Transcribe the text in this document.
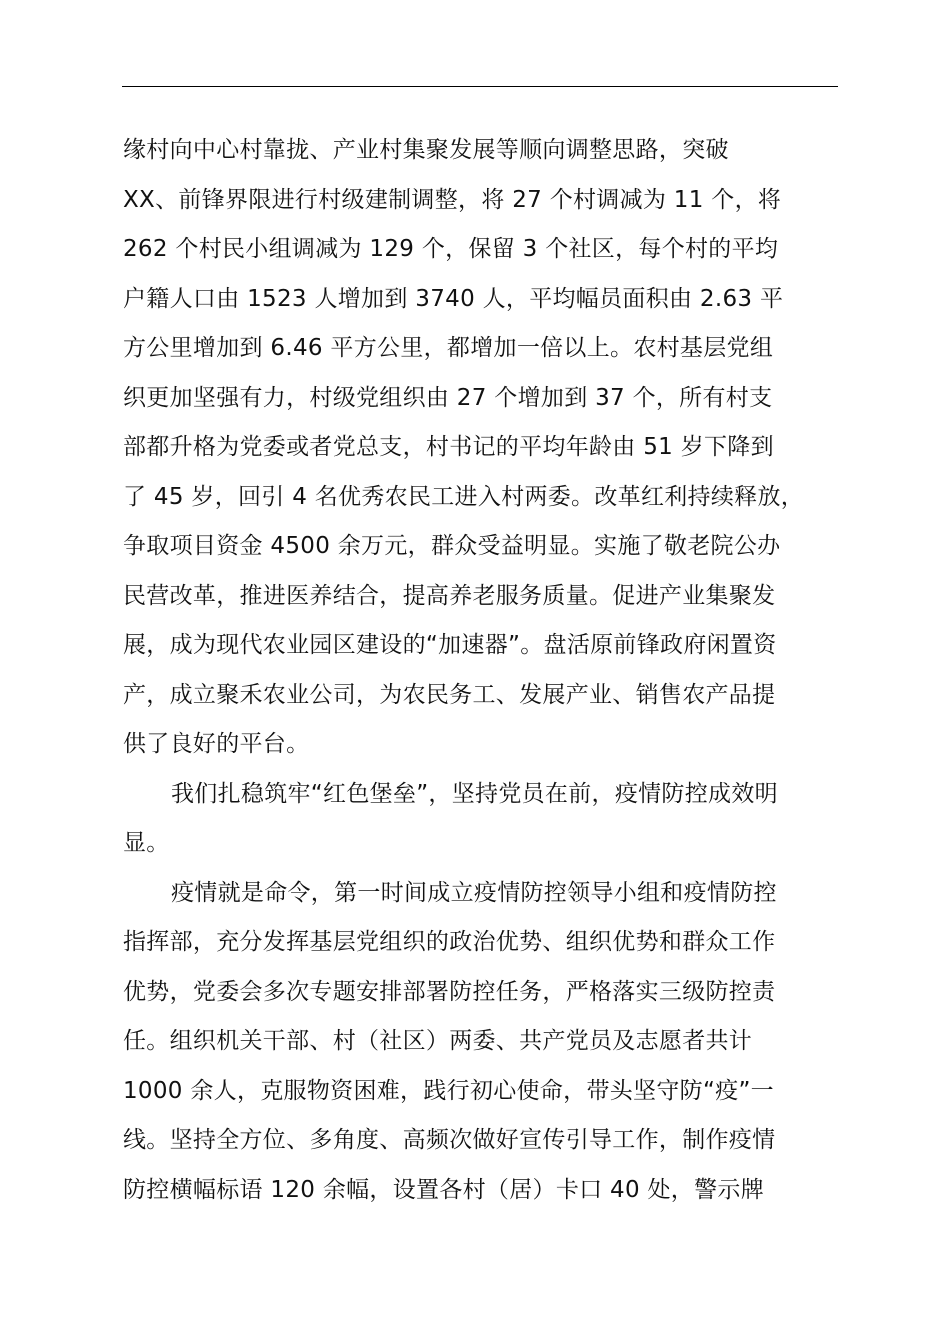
缘村向中心村靠拢、产业村集聚发展等顺向调整思路，突破
XX、前锋界限进行村级建制调整，将 27 个村调减为 11 个，将
262 个村民小组调减为 129 个，保留 3 个社区，每个村的平均
户籍人口由 1523 人增加到 3740 人，平均幅员面积由 2.63 平
方公里增加到 6.46 平方公里，都增加一倍以上。农村基层党组
织更加坚强有力，村级党组织由 27 个增加到 37 个，所有村支
部都升格为党委或者党总支，村书记的平均年龄由 51 岁下降到
了 45 岁，回引 4 名优秀农民工进入村两委。改革红利持续释放，
争取项目资金 4500 余万元，群众受益明显。实施了敬老院公办
民营改革，推进医养结合，提高养老服务质量。促进产业集聚发
展，成为现代农业园区建设的“加速器”。盘活原前锋政府闲置资
产，成立聚禾农业公司，为农民务工、发展产业、销售农产品提
供了良好的平台。
我们扎稳筑牢“红色堡垒”，坚持党员在前，疫情防控成效明
显。
疫情就是命令，第一时间成立疫情防控领导小组和疫情防控
指挥部，充分发挥基层党组织的政治优势、组织优势和群众工作
优势，党委会多次专题安排部署防控任务，严格落实三级防控责
任。组织机关干部、村（社区）两委、共产党员及志愿者共计
1000 余人，克服物资困难，践行初心使命，带头坚守防“疫”一
线。坚持全方位、多角度、高频次做好宣传引导工作，制作疫情
防控横幅标语 120 余幅，设置各村（居）卡口 40 处，警示牌
